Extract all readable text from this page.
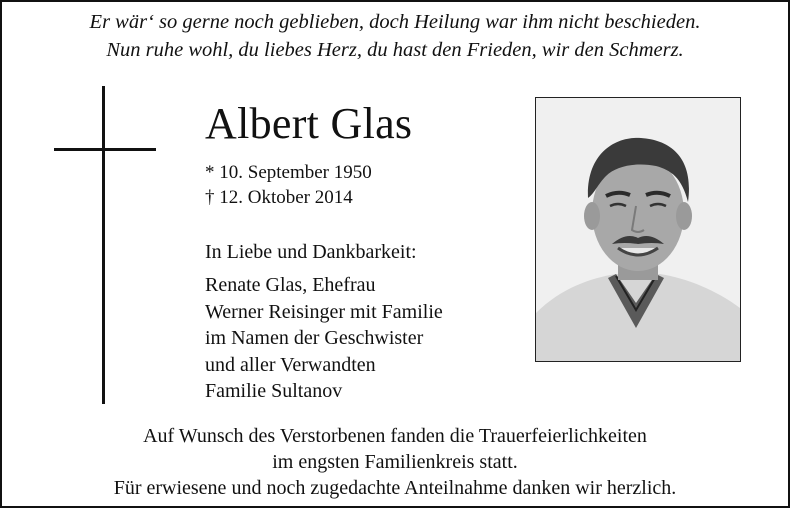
Er wär‘ so gerne noch geblieben, doch Heilung war ihm nicht beschieden.
Nun ruhe wohl, du liebes Herz, du hast den Frieden, wir den Schmerz.
Albert Glas
* 10. September 1950
† 12. Oktober 2014
In Liebe und Dankbarkeit:
Renate Glas, Ehefrau
Werner Reisinger mit Familie
im Namen der Geschwister
und aller Verwandten
Familie Sultanov
Auf Wunsch des Verstorbenen fanden die Trauerfeierlichkeiten
im engsten Familienkreis statt.
Für erwiesene und noch zugedachte Anteilnahme danken wir herzlich.
